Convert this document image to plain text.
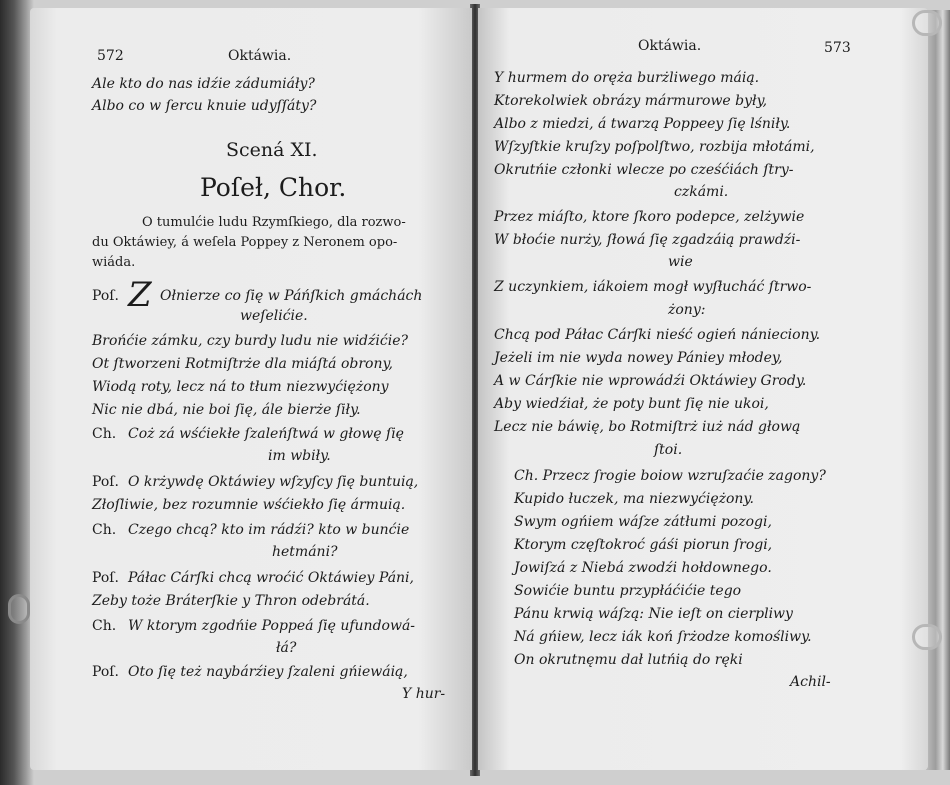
572	Oktáwia.
Ale kto do nas idźie zádumiáły?
Albo co w ſercu knuie udyſſáty?
Scená XI.
Poſeł, Chor.
O tumulćie ludu Rzymſkiego, dla rozwo-
du Oktáwiey, á weſela Poppey z Neronem opo-
wiáda.
Poſ. Z Ołnierze co ſię w Páńſkich gmáchách
weſelićie.
Brońćie zámku, czy burdy ludu nie widźićie?
Ot ſtworzeni Rotmiſtrże dla miáſtá obrony,
Wiodą roty, lecz ná to tłum niezwyćiężony
Nic nie dbá, nie boi ſię, ále bierże ſiły.
Ch. Coż zá wśćiekłe ſzaleńſtwá w głowę ſię
im wbiły.
Poſ. O krżywdę Oktáwiey wſzyſcy ſię buntuią,
Złoſliwie, bez rozumnie wśćiekło ſię ármuią.
Ch. Czego chcą? kto im rádźi? kto w bunćie
hetmáni?
Poſ. Páłac Cárſki chcą wroćić Oktáwiey Páni,
Zeby tożе Bráterſkie y Thron odebrátá.
Ch. W ktorym zgodńie Poppeá ſię ufundowá-
łá?
Poſ. Oto ſię też naybárźiey ſzaleni gńiewáią,
Y hur-
Oktáwia.	573
Y hurmem do oręża burżliwego máią.
Ktorekolwiek obrázy mármurowe były,
Albo z miedzi, á twarzą Poppeey ſię lśniły.
Wſzyſtkie kruſzy poſpolſtwo, rozbija młotámi,
Okrutńie członki wlecze po cześćiách ſtry-
czkámi.
Przez miáſto, ktore ſkoro podepce, zelżywie
W błoćie nurży, ſłowá ſię zgadzáią prawdźi-
wie
Z uczynkiem, iákoiem mogł wyſłucháć ſtrwo-
żony:
Chcą pod Páłac Cárſki nieść ogień nánieciony.
Jeżeli im nie wyda nowey Pániey młodey,
A w Cárſkie nie wprowádźi Oktáwiey Grody.
Aby wiedźiał, że poty bunt ſię nie ukoi,
Lecz nie báwię, bo Rotmiſtrż iuż nád głową
ſtoi.
Ch. Przecz ſrogie boiow wzruſzaćie zagony?
Kupido łuczek, ma niezwyćiężony.
Swym ogńiem wáſze zátłumi pozogi,
Ktorym częſtokroć gáśi piorun ſrogi,
Jowiſzá z Niebá zwodźi hołdownego.
Sowićie buntu przypłáćićie tego
Pánu krwią wáſzą: Nie ieſt on cierpliwy
Ná gńiew, lecz iák koń ſrżodze komośliwy.
On okrutnęmu dał lutńią do ręki
Achil-
